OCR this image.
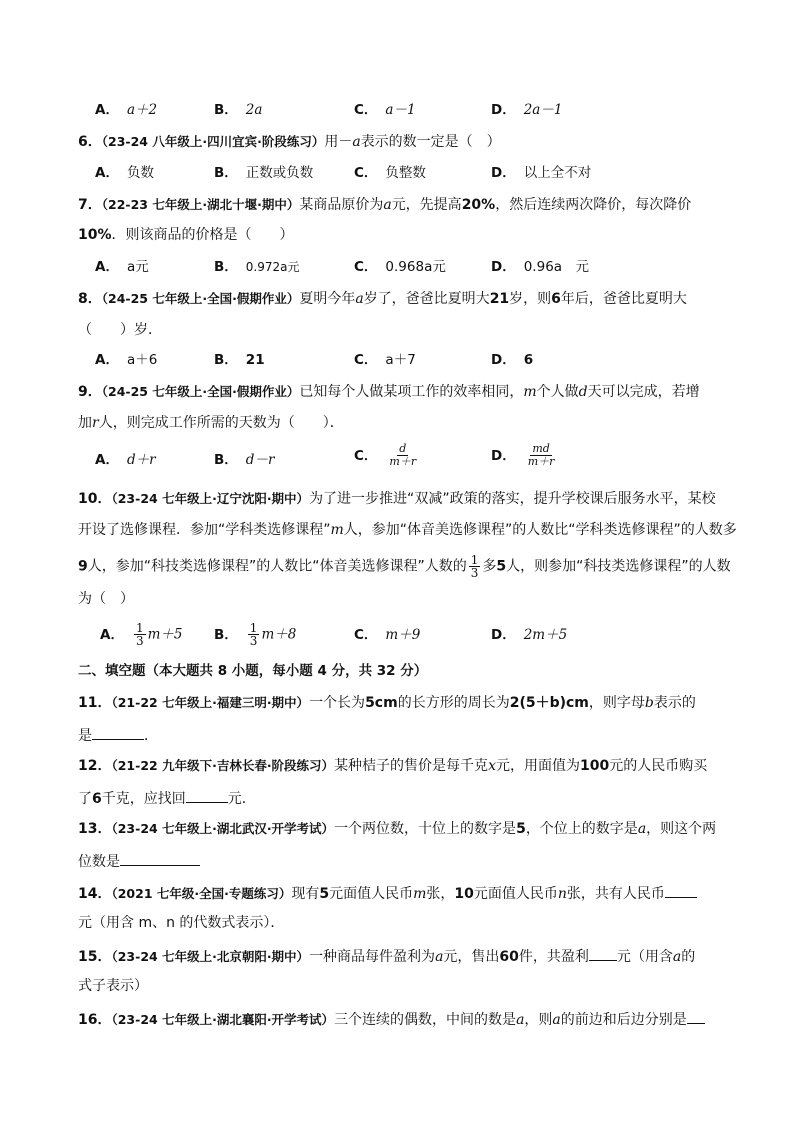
A． a＋2	B． 2a	C． a－1	D． 2a－1
6．（23-24 八年级上·四川宜宾·阶段练习）用－a表示的数一定是（　）
A． 负数	B． 正数或负数	C． 负整数	D． 以上全不对
7．（22-23 七年级上·湖北十堰·期中）某商品原价为a元，先提高20%，然后连续两次降价，每次降价
10%．则该商品的价格是（　　）
A． a元	B． 0.972a元	C． 0.968a元	D． 0.96a　元
8．（24-25 七年级上·全国·假期作业）夏明今年a岁了，爸爸比夏明大21岁，则6年后，爸爸比夏明大
（　　）岁．
A． a＋6	B． 21	C． a＋7	D． 6
9．（24-25 七年级上·全国·假期作业）已知每个人做某项工作的效率相同，m个人做d天可以完成，若增
加r人，则完成工作所需的天数为（　　）．
A． d＋r	B． d－r	C． $\frac{d}{m+r}$	D． $\frac{md}{m+r}$
10．（23-24 七年级上·辽宁沈阳·期中）为了进一步推进“双减”政策的落实，提升学校课后服务水平，某校
开设了选修课程．参加“学科类选修课程”m人，参加“体音美选修课程”的人数比“学科类选修课程”的人数多
9人，参加“科技类选修课程”的人数比“体音美选修课程”人数的 $\frac{1}{3}$ 多5人，则参加“科技类选修课程”的人数
为（　）
A． $\frac{1}{3} m+5$ B． $\frac{1}{3} m+8$	C． m＋9	D． 2m＋5
二、填空题（本大题共 8 小题，每小题 4 分，共 32 分）
11．（21-22 七年级上·福建三明·期中）一个长为5cm的长方形的周长为2(5＋b)cm，则字母b表示的
是	．
12．（21-22 九年级下·吉林长春·阶段练习）某种桔子的售价是每千克x元，用面值为100元的人民币购买
了6千克，应找回	元．
13．（23-24 七年级上·湖北武汉·开学考试）一个两位数，十位上的数字是5，个位上的数字是a，则这个两
位数是
14．（2021 七年级·全国·专题练习）现有5元面值人民币m张，10元面值人民币n张，共有人民币
元（用含 m、n 的代数式表示）．
15．（23-24 七年级上·北京朝阳·期中）一种商品每件盈利为a元，售出60件，共盈利 元（用含a的
式子表示）
16．（23-24 七年级上·湖北襄阳·开学考试）三个连续的偶数，中间的数是a，则a的前边和后边分别是
